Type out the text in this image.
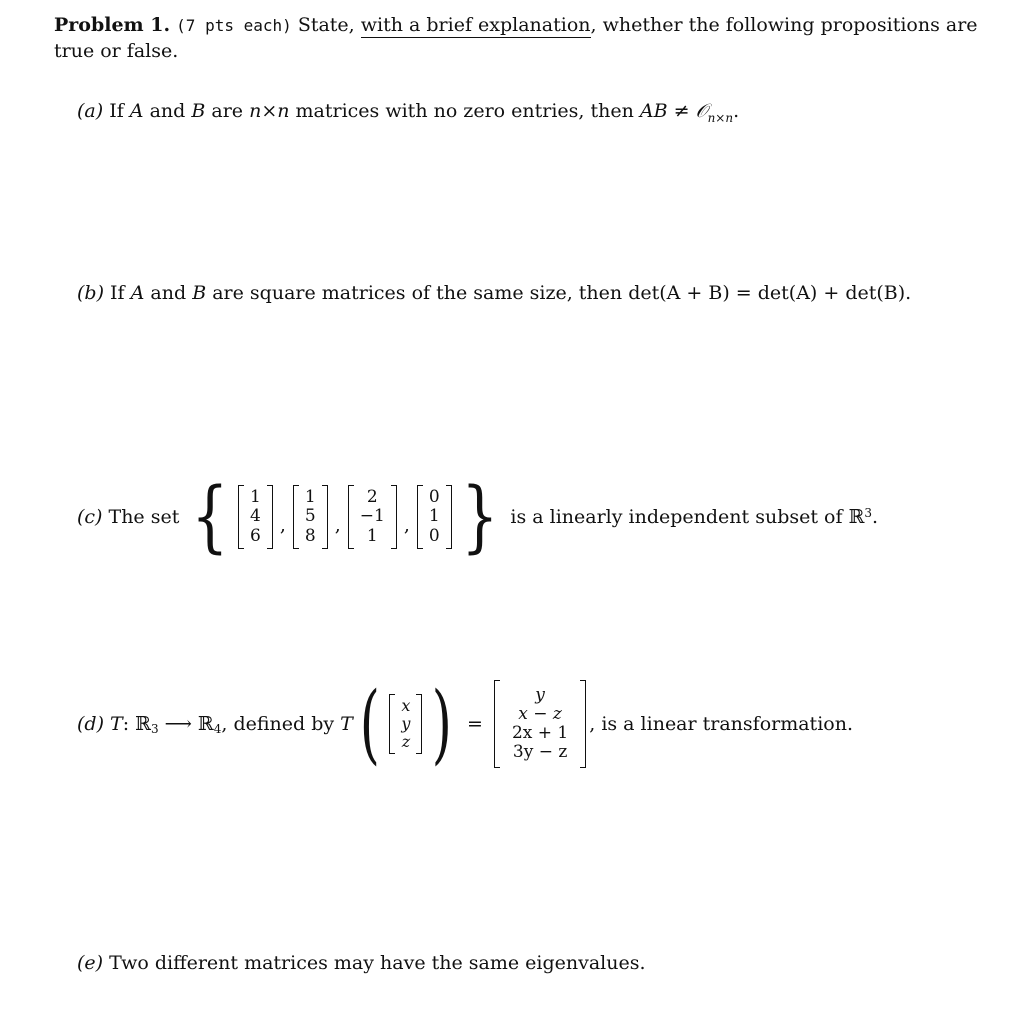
Problem 1. (7 pts each) State, with a brief explanation, whether the following propositions are
true or false.
(a) If A and B are n×n matrices with no zero entries, then AB ≠ 𝒪$_{n\times n}$.
(b) If A and B are square matrices of the same size, then det(A + B) = det(A) + det(B).
(c)
The set
{ 1
4
6 ,
1
5
8 ,
2
−1
1 ,
0
1
0 }
is a linearly independent subset of
ℝ$^3$ .
(d)
T : ℝ$_3$
⟶ ℝ$_4$ , defined by
T ( x
y
z ) =
y
x − z
2x + 1
3y − z
, is a linear transformation.
(e) Two different matrices may have the same eigenvalues.
